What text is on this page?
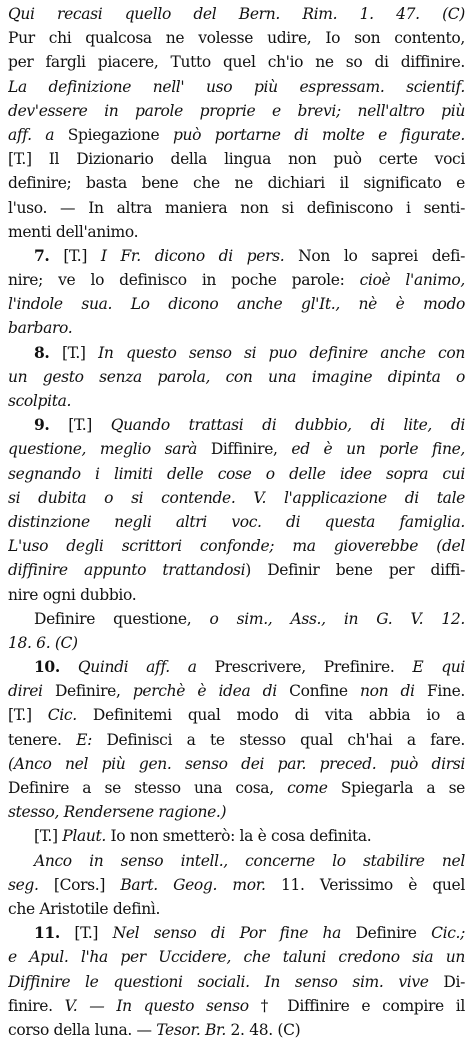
Qui recasi quello del Bern. Rim. 1. 47. (C)
Pur chi qualcosa ne volesse udire, Io son contento,
per fargli piacere, Tutto quel ch'io ne so di diffinire.
La definizione nell' uso più espressam. scientif.
dev'essere in parole proprie e brevi; nell'altro più
aff. a Spiegazione può portarne di molte e figurate.
[T.] Il Dizionario della lingua non può certe voci
definire; basta bene che ne dichiari il significato e
l'uso. — In altra maniera non si definiscono i senti-
menti dell'animo.
7. [T.] I Fr. dicono di pers. Non lo saprei defi-
nire; ve lo definisco in poche parole: cioè l'animo,
l'indole sua. Lo dicono anche gl'It., nè è modo
barbaro.
8. [T.] In questo senso si puo definire anche con
un gesto senza parola, con una imagine dipinta o
scolpita.
9. [T.] Quando trattasi di dubbio, di lite, di
questione, meglio sarà Diffinire, ed è un porle fine,
segnando i limiti delle cose o delle idee sopra cui
si dubita o si contende. V. l'applicazione di tale
distinzione negli altri voc. di questa famiglia.
L'uso degli scrittori confonde; ma gioverebbe (del
diffinire appunto trattandosi) Definir bene per diffi-
nire ogni dubbio.
Definire questione, o sim., Ass., in G. V. 12.
18. 6. (C)
10. Quindi aff. a Prescrivere, Prefinire. E qui
direi Definire, perchè è idea di Confine non di Fine.
[T.] Cic. Definitemi qual modo di vita abbia io a
tenere. E: Definisci a te stesso qual ch'hai a fare.
(Anco nel più gen. senso dei par. preced. può dirsi
Definire a se stesso una cosa, come Spiegarla a se
stesso, Rendersene ragione.)
[T.] Plaut. Io non smetterò: la è cosa definita.
Anco in senso intell., concerne lo stabilire nel
seg. [Cors.] Bart. Geog. mor. 11. Verissimo è quel
che Aristotile definì.
11. [T.] Nel senso di Por fine ha Definire Cic.;
e Apul. l'ha per Uccidere, che taluni credono sia un
Diffinire le questioni sociali. In senso sim. vive Di-
finire. V. — In questo senso † Diffinire e compire il
corso della luna. — Tesor. Br. 2. 48. (C)
